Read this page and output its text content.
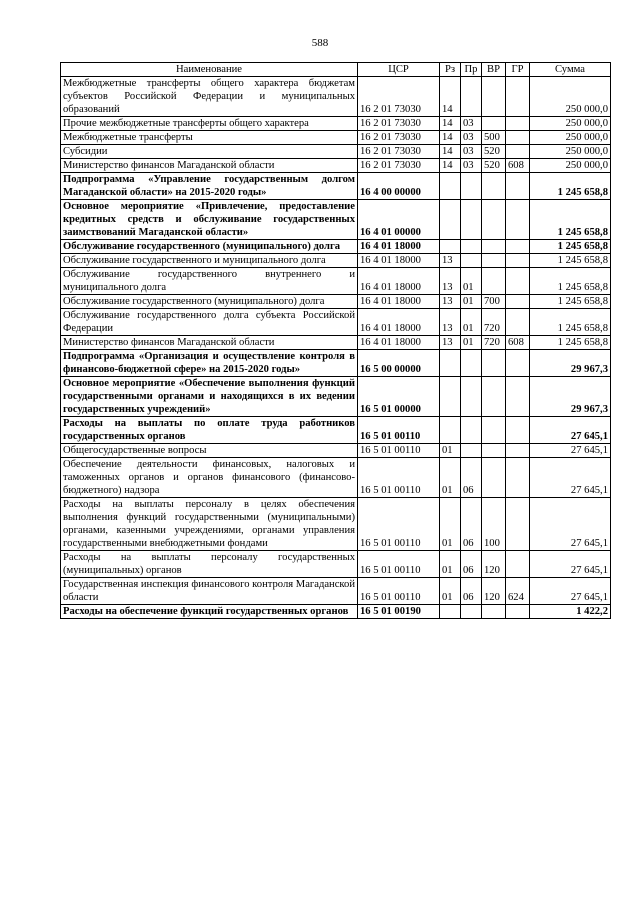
588
Наименование	ЦСР	Рз	Пр	ВР	ГР	Сумма
Межбюджетные трансферты общего характера бюджетам субъектов Российской Федерации и муниципальных образований	16 2 01 73030	14				250 000,0
Прочие межбюджетные трансферты общего характера	16 2 01 73030	14	03			250 000,0
Межбюджетные трансферты	16 2 01 73030	14	03	500		250 000,0
Субсидии	16 2 01 73030	14	03	520		250 000,0
Министерство финансов Магаданской области	16 2 01 73030	14	03	520	608	250 000,0
Подпрограмма «Управление государственным долгом Магаданской области» на 2015-2020 годы»	16 4 00 00000					1 245 658,8
Основное мероприятие «Привлечение, предоставление кредитных средств и обслуживание государственных заимствований Магаданской области»	16 4 01 00000					1 245 658,8
Обслуживание государственного (муниципального) долга	16 4 01 18000					1 245 658,8
Обслуживание государственного и муниципального долга	16 4 01 18000	13				1 245 658,8
Обслуживание государственного внутреннего и муниципального долга	16 4 01 18000	13	01			1 245 658,8
Обслуживание государственного (муниципального) долга	16 4 01 18000	13	01	700		1 245 658,8
Обслуживание государственного долга субъекта Российской Федерации	16 4 01 18000	13	01	720		1 245 658,8
Министерство финансов Магаданской области	16 4 01 18000	13	01	720	608	1 245 658,8
Подпрограмма «Организация и осуществление контроля в финансово-бюджетной сфере» на 2015-2020 годы»	16 5 00 00000					29 967,3
Основное мероприятие «Обеспечение выполнения функций государственными органами и находящихся в их ведении государственных учреждений»	16 5 01 00000					29 967,3
Расходы на выплаты по оплате труда работников государственных органов	16 5 01 00110					27 645,1
Общегосударственные вопросы	16 5 01 00110	01				27 645,1
Обеспечение деятельности финансовых, налоговых и таможенных органов и органов финансового (финансово-бюджетного) надзора	16 5 01 00110	01	06			27 645,1
Расходы на выплаты персоналу в целях обеспечения выполнения функций государственными (муниципальными) органами, казенными учреждениями, органами управления государственными внебюджетными фондами	16 5 01 00110	01	06	100		27 645,1
Расходы на выплаты персоналу государственных (муниципальных) органов	16 5 01 00110	01	06	120		27 645,1
Государственная инспекция финансового контроля Магаданской области	16 5 01 00110	01	06	120	624	27 645,1
Расходы на обеспечение функций государственных органов	16 5 01 00190					1 422,2
